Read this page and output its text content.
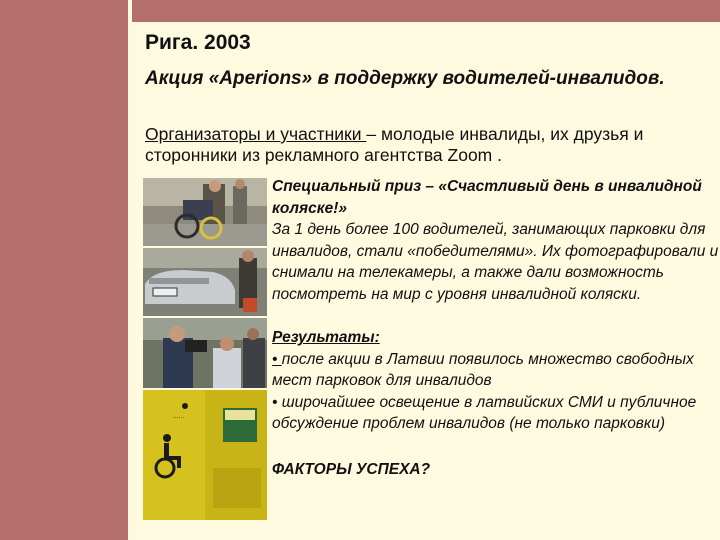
Рига. 2003

Акция «Aperions» в поддержку водителей-инвалидов.

Организаторы и участники – молодые инвалиды, их друзья и сторонники из рекламного агентства Zoom .

......

Специальный приз – «Счастливый день в инвалидной коляске!»

За 1 день более 100 водителей, занимающих парковки для инвалидов, стали «победителями». Их фотографировали и снимали на телекамеры, а также дали возможность посмотреть на мир с уровня инвалидной коляски.

Результаты:

• после акции в Латвии появилось множество свободных мест парковок для инвалидов

• широчайшее освещение в латвийских СМИ и публичное обсуждение проблем инвалидов (не только парковки)

ФАКТОРЫ УСПЕХА?
